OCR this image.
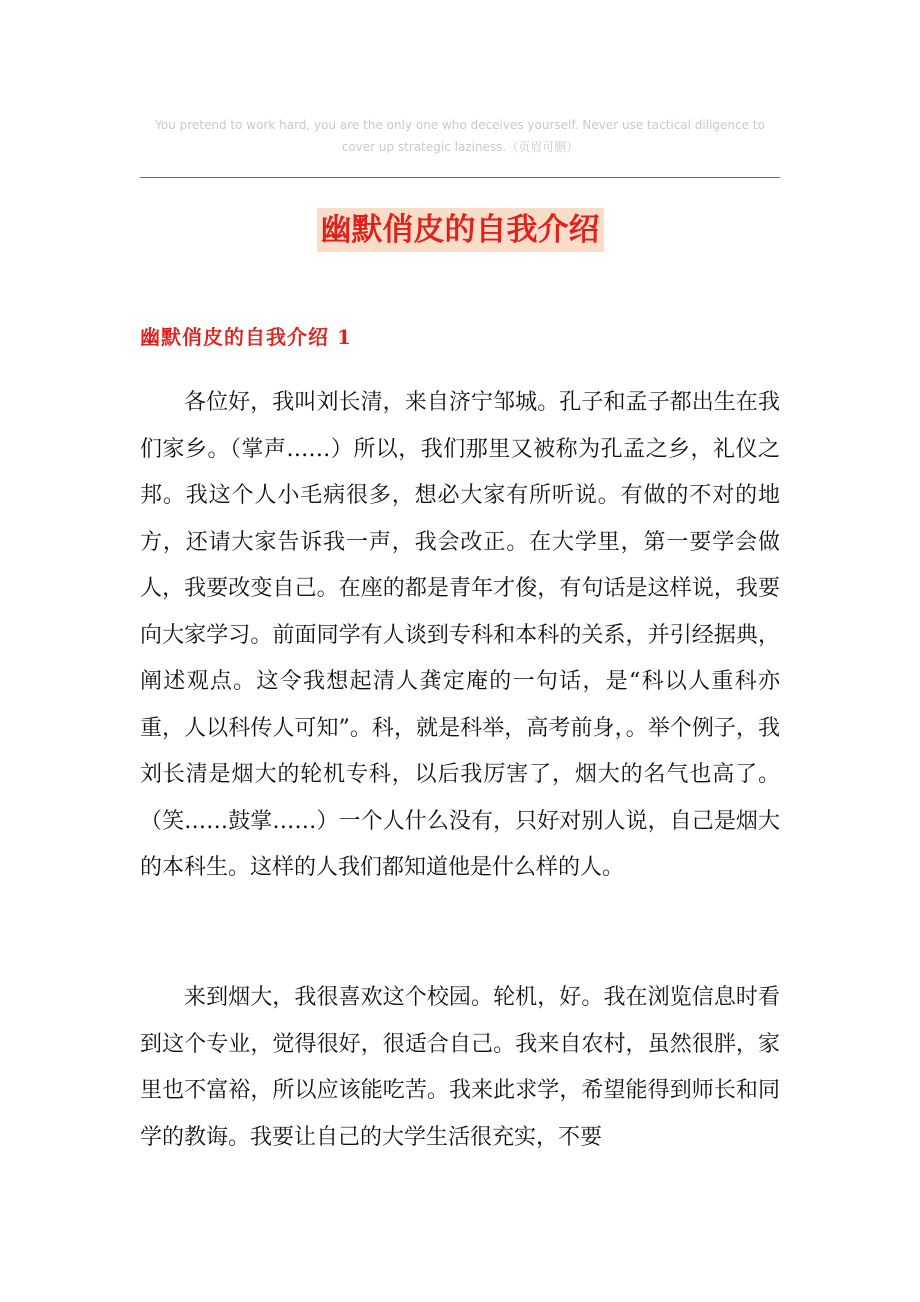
You pretend to work hard, you are the only one who deceives yourself. Never use tactical diligence to cover up strategic laziness.（页眉可删）
幽默俏皮的自我介绍
幽默俏皮的自我介绍 1

各位好，我叫刘长清，来自济宁邹城。孔子和孟子都出生在我们家乡。（掌声……）所以，我们那里又被称为孔孟之乡，礼仪之邦。我这个人小毛病很多，想必大家有所听说。有做的不对的地方，还请大家告诉我一声，我会改正。在大学里，第一要学会做人，我要改变自己。在座的都是青年才俊，有句话是这样说，我要向大家学习。前面同学有人谈到专科和本科的关系，并引经据典，阐述观点。这令我想起清人龚定庵的一句话，是“科以人重科亦重，人以科传人可知”。科，就是科举，高考前身，。举个例子，我刘长清是烟大的轮机专科，以后我厉害了，烟大的名气也高了。（笑……鼓掌……）一个人什么没有，只好对别人说，自己是烟大的本科生。这样的人我们都知道他是什么样的人。

来到烟大，我很喜欢这个校园。轮机，好。我在浏览信息时看到这个专业，觉得很好，很适合自己。我来自农村，虽然很胖，家里也不富裕，所以应该能吃苦。我来此求学，希望能得到师长和同学的教诲。我要让自己的大学生活很充实，不要
